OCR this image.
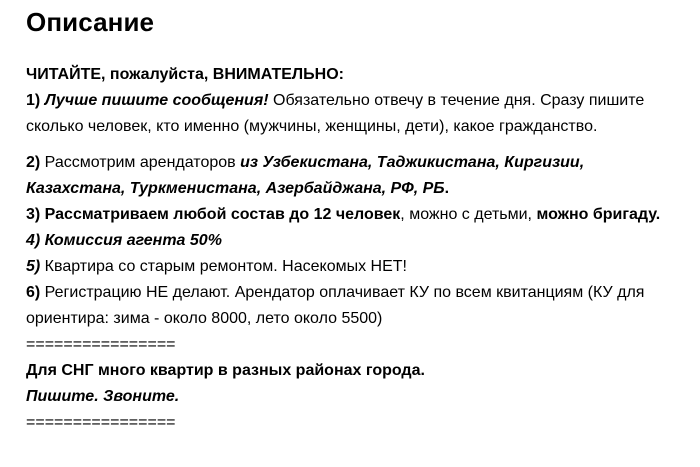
Описание
ЧИТАЙТЕ, пожалуйста, ВНИМАТЕЛЬНО:
1) Лучше пишите сообщения! Обязательно отвечу в течение дня. Сразу пишите
сколько человек, кто именно (мужчины, женщины, дети), какое гражданство.
2) Рассмотрим арендаторов из Узбекистана, Таджикистана, Киргизии,
Казахстана, Туркменистана, Азербайджана, РФ, РБ.
3) Рассматриваем любой состав до 12 человек, можно с детьми, можно бригаду.
4) Комиссия агента 50%
5) Квартира со старым ремонтом. Насекомых НЕТ!
6) Регистрацию НЕ делают. Арендатор оплачивает КУ по всем квитанциям (КУ для
ориентира: зима - около 8000, лето около 5500)
================
Для СНГ много квартир в разных районах города.
Пишите. Звоните.
================
